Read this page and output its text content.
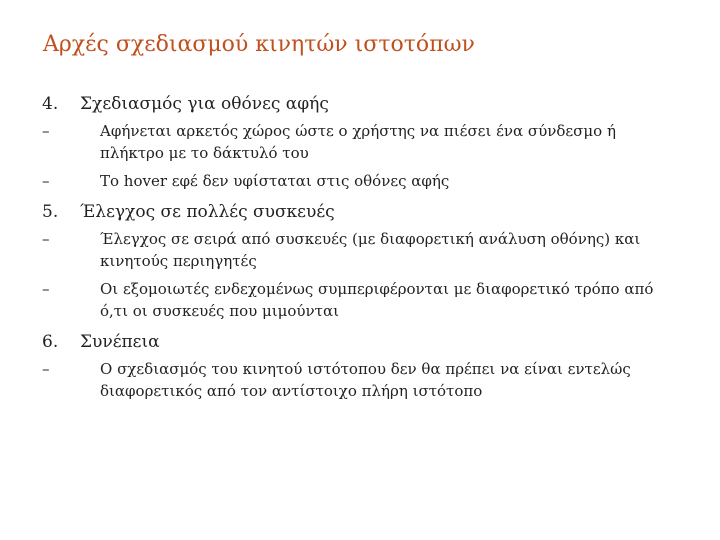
Αρχές σχεδιασμού κινητών ιστοτόπων
4.	Σχεδιασμός για οθόνες αφής
–	Αφήνεται αρκετός χώρος ώστε ο χρήστης να πιέσει ένα σύνδεσμο ή πλήκτρο με το δάκτυλό του
–	Το hover εφέ δεν υφίσταται στις οθόνες αφής
5.	Έλεγχος σε πολλές συσκευές
–	Έλεγχος σε σειρά από συσκευές (με διαφορετική ανάλυση οθόνης) και κινητούς περιηγητές
–	Οι εξομοιωτές ενδεχομένως συμπεριφέρονται με διαφορετικό τρόπο από ό,τι οι συσκευές που μιμούνται
6.	Συνέπεια
–	Ο σχεδιασμός του κινητού ιστότοπου δεν θα πρέπει να είναι εντελώς διαφορετικός από τον αντίστοιχο πλήρη ιστότοπο
